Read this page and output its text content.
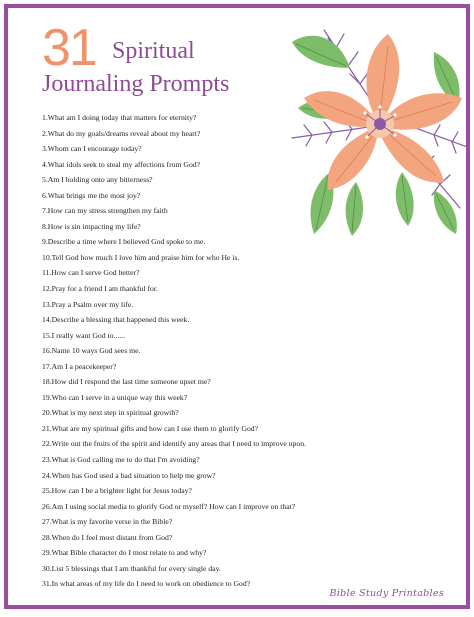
31 Spiritual
Journaling Prompts
1. What am I doing today that matters for eternity?
2. What do my goals/dreams reveal about my heart?
3. Whom can I encourage today?
4. What idols seek to steal my affections from God?
5. Am I holding onto any bitterness?
6. What brings me the most joy?
7. How can my stress strengthen my faith
8. How is sin impacting my life?
9. Describe a time where I believed God spoke to me.
10. Tell God how much I love him and praise him for who He is.
11. How can I serve God better?
12. Pray for a friend I am thankful for.
13. Pray a Psalm over my life.
14. Describe a blessing that happened this week.
15. I really want God to......
16. Name 10 ways God sees me.
17. Am I a peacekeeper?
18. How did I respond the last time someone upset me?
19. Who can I serve in a unique way this week?
20. What is my next step in spiritual growth?
21. What are my spiritual gifts and how can I use them to glorify God?
22. Write out the fruits of the spirit and identify any areas that I need to improve upon.
23. What is God calling me to do that I'm avoiding?
24. When has God used a bad situation to help me grow?
25. How can I be a brighter light for Jesus today?
26. Am I using social media to glorify God or myself? How can I improve on that?
27. What is my favorite verse in the Bible?
28. When do I feel most distant from God?
29. What Bible character do I most relate to and why?
30. List 5 blessings that I am thankful for every single day.
31. In what areas of my life do I need to work on obedience to God?
Bible Study Printables
